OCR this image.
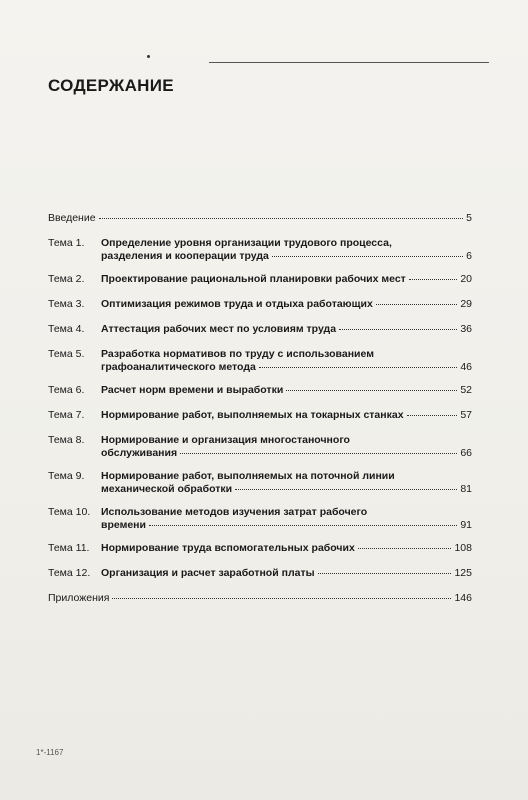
СОДЕРЖАНИЕ
Введение	5
Тема 1.	Определение уровня организации трудового процесса,
разделения и кооперации труда	6
Тема 2.	Проектирование рациональной планировки рабочих мест	20
Тема 3.	Оптимизация режимов труда и отдыха работающих	29
Тема 4.	Аттестация рабочих мест по условиям труда	36
Тема 5.	Разработка нормативов по труду с использованием
графоаналитического метода	46
Тема 6.	Расчет норм времени и выработки	52
Тема 7.	Нормирование работ, выполняемых на токарных станках	57
Тема 8.	Нормирование и организация многостаночного
обслуживания	66
Тема 9.	Нормирование работ, выполняемых на поточной линии
механической обработки	81
Тема 10.	Использование методов изучения затрат рабочего
времени	91
Тема 11.	Нормирование труда вспомогательных рабочих	108
Тема 12.	Организация и расчет заработной платы	125
Приложения	146
1*-1167
